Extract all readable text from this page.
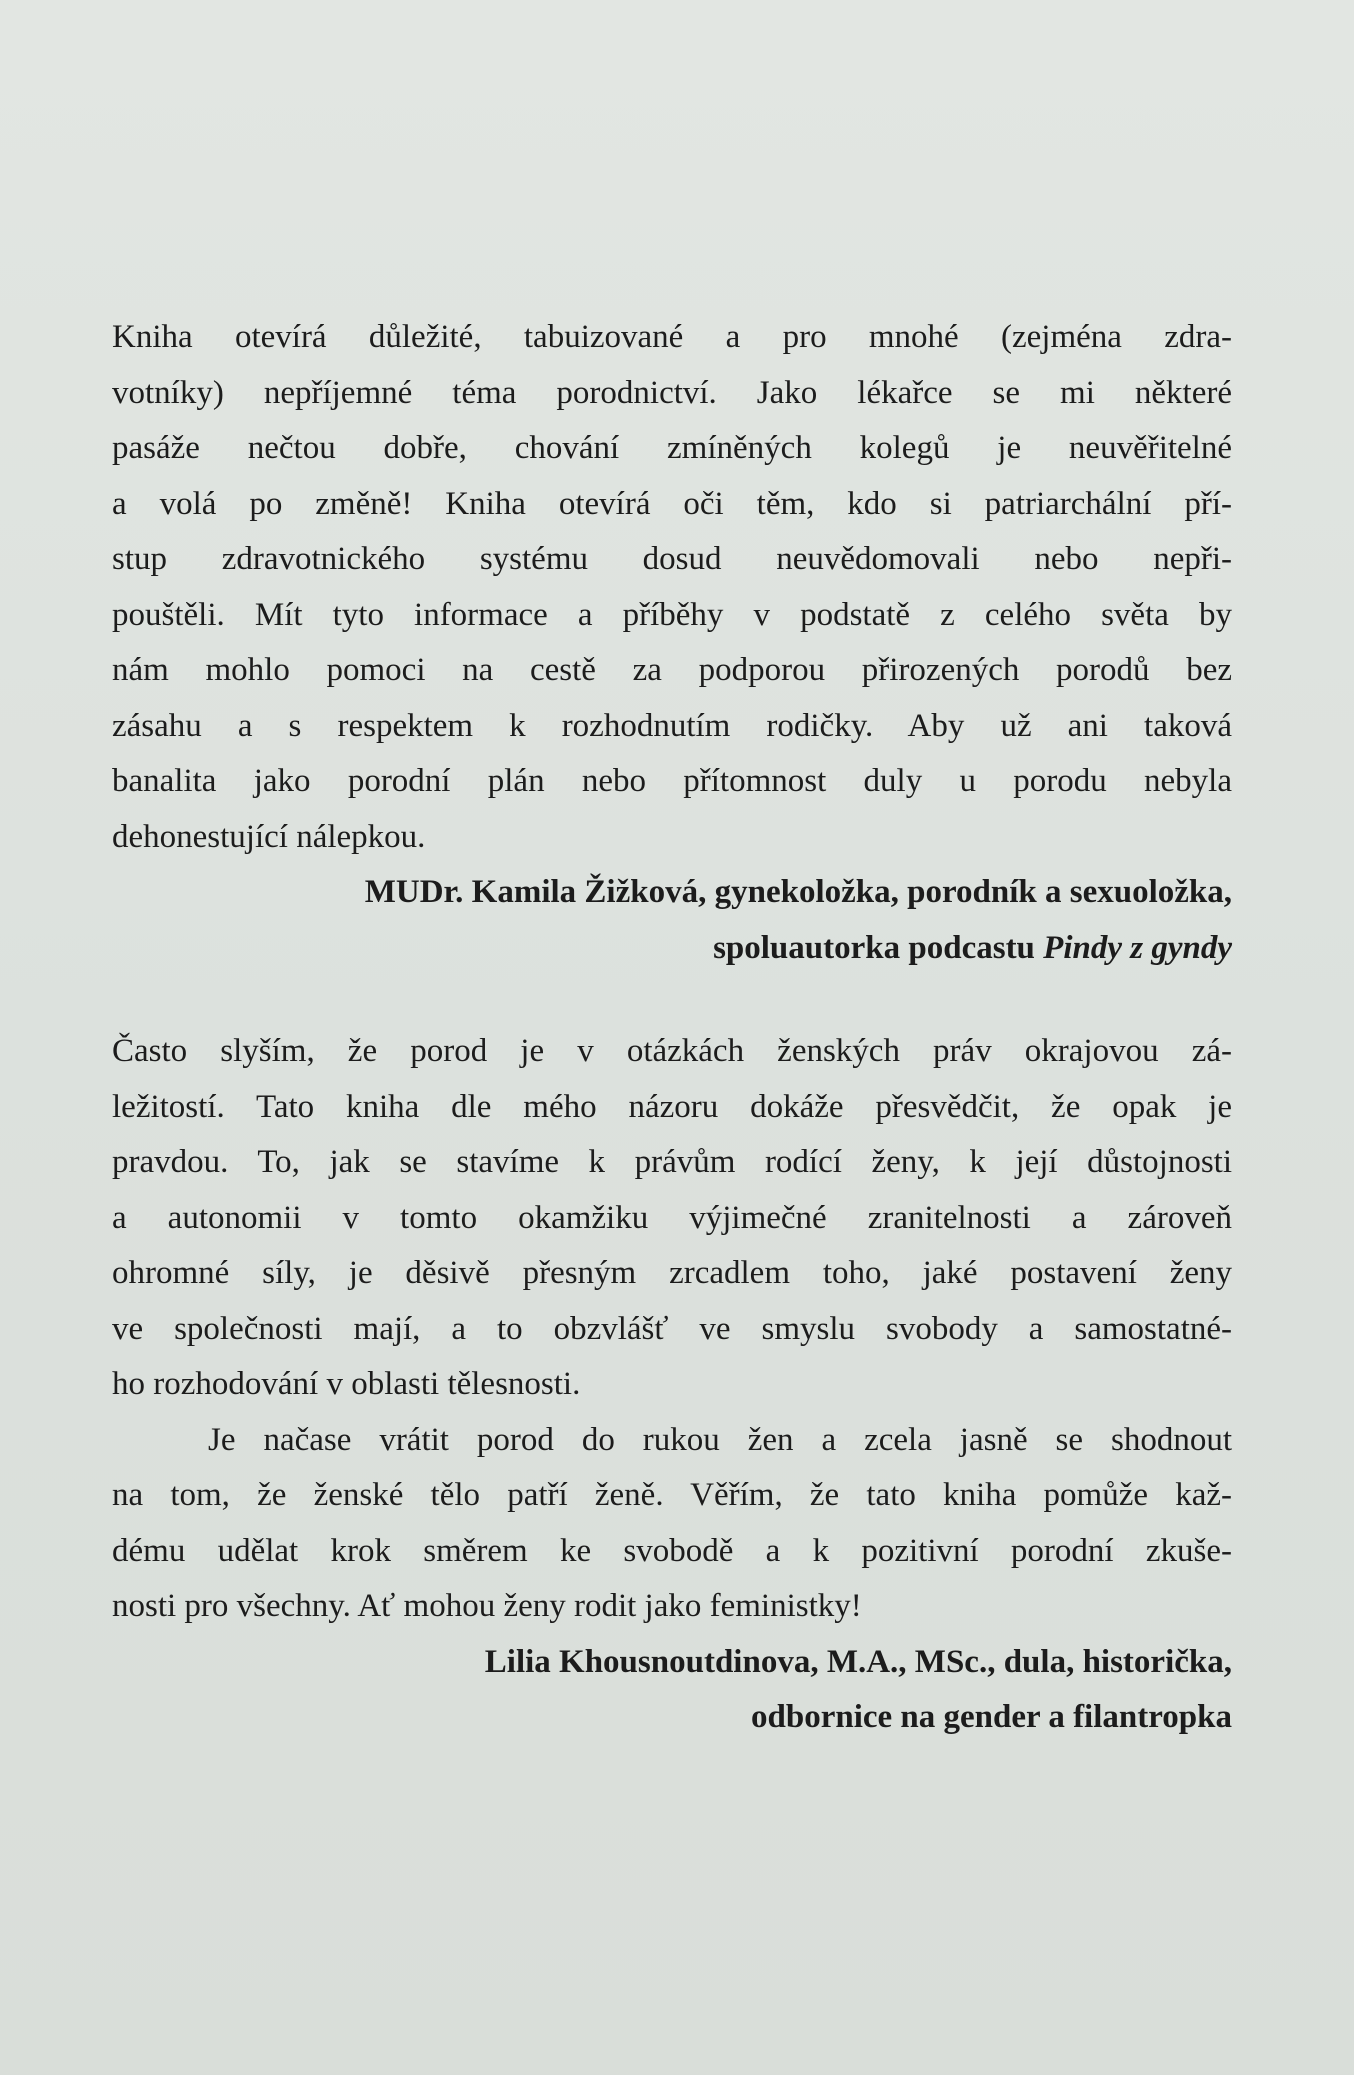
Kniha otevírá důležité, tabuizované a pro mnohé (zejména zdra-
votníky) nepříjemné téma porodnictví. Jako lékařce se mi některé
pasáže nečtou dobře, chování zmíněných kolegů je neuvěřitelné
a volá po změně! Kniha otevírá oči těm, kdo si patriarchální pří-
stup zdravotnického systému dosud neuvědomovali nebo nepři-
pouštěli. Mít tyto informace a příběhy v podstatě z celého světa by
nám mohlo pomoci na cestě za podporou přirozených porodů bez
zásahu a s respektem k rozhodnutím rodičky. Aby už ani taková
banalita jako porodní plán nebo přítomnost duly u porodu nebyla
dehonestující nálepkou.
MUDr. Kamila Žižková, gynekoložka, porodník a sexuoložka,
spoluautorka podcastu Pindy z gyndy
Často slyším, že porod je v otázkách ženských práv okrajovou zá-
ležitostí. Tato kniha dle mého názoru dokáže přesvědčit, že opak je
pravdou. To, jak se stavíme k právům rodící ženy, k její důstojnosti
a autonomii v tomto okamžiku výjimečné zranitelnosti a zároveň
ohromné síly, je děsivě přesným zrcadlem toho, jaké postavení ženy
ve společnosti mají, a to obzvlášť ve smyslu svobody a samostatné-
ho rozhodování v oblasti tělesnosti.
Je načase vrátit porod do rukou žen a zcela jasně se shodnout
na tom, že ženské tělo patří ženě. Věřím, že tato kniha pomůže kaž-
dému udělat krok směrem ke svobodě a k pozitivní porodní zkuše-
nosti pro všechny. Ať mohou ženy rodit jako feministky!
Lilia Khousnoutdinova, M.A., MSc., dula, historička,
odbornice na gender a filantropka
